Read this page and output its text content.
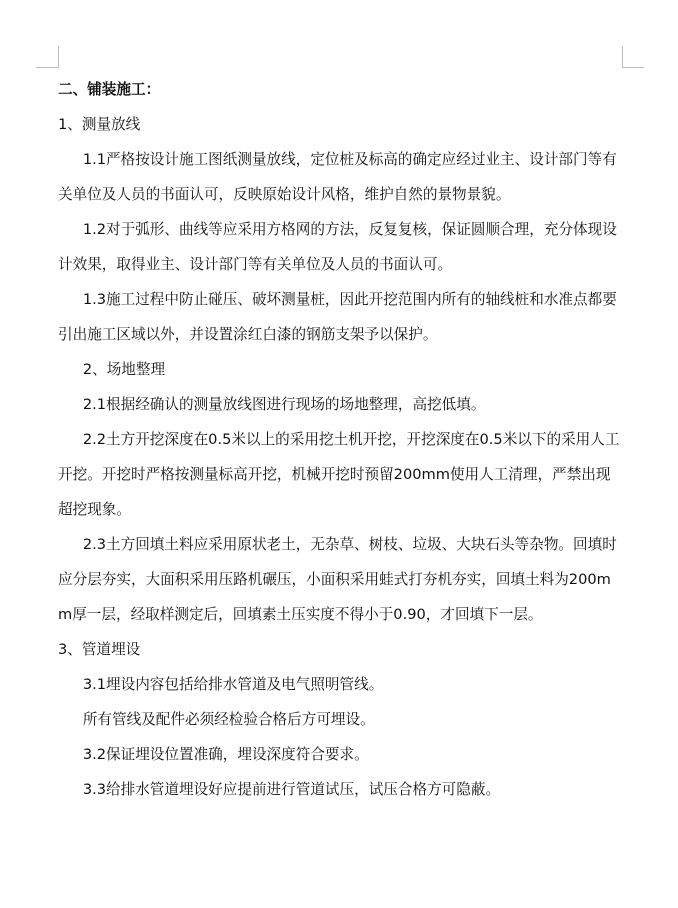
二、铺装施工：

1、测量放线

1.1严格按设计施工图纸测量放线，定位桩及标高的确定应经过业主、设计部门等有关单位及人员的书面认可，反映原始设计风格，维护自然的景物景貌。

1.2对于弧形、曲线等应采用方格网的方法，反复复核，保证圆顺合理，充分体现设计效果，取得业主、设计部门等有关单位及人员的书面认可。

1.3施工过程中防止碰压、破坏测量桩，因此开挖范围内所有的轴线桩和水准点都要引出施工区域以外，并设置涂红白漆的钢筋支架予以保护。

2、场地整理

2.1根据经确认的测量放线图进行现场的场地整理，高挖低填。

2.2土方开挖深度在0.5米以上的采用挖土机开挖，开挖深度在0.5米以下的采用人工开挖。开挖时严格按测量标高开挖，机械开挖时预留200mm使用人工清理，严禁出现超挖现象。

2.3土方回填土料应采用原状老土，无杂草、树枝、垃圾、大块石头等杂物。回填时应分层夯实，大面积采用压路机碾压，小面积采用蛙式打夯机夯实，回填土料为200mm厚一层，经取样测定后，回填素土压实度不得小于0.90，才回填下一层。

3、管道埋设

3.1埋设内容包括给排水管道及电气照明管线。

所有管线及配件必须经检验合格后方可埋设。

3.2保证埋设位置准确，埋设深度符合要求。

3.3给排水管道埋设好应提前进行管道试压，试压合格方可隐蔽。
